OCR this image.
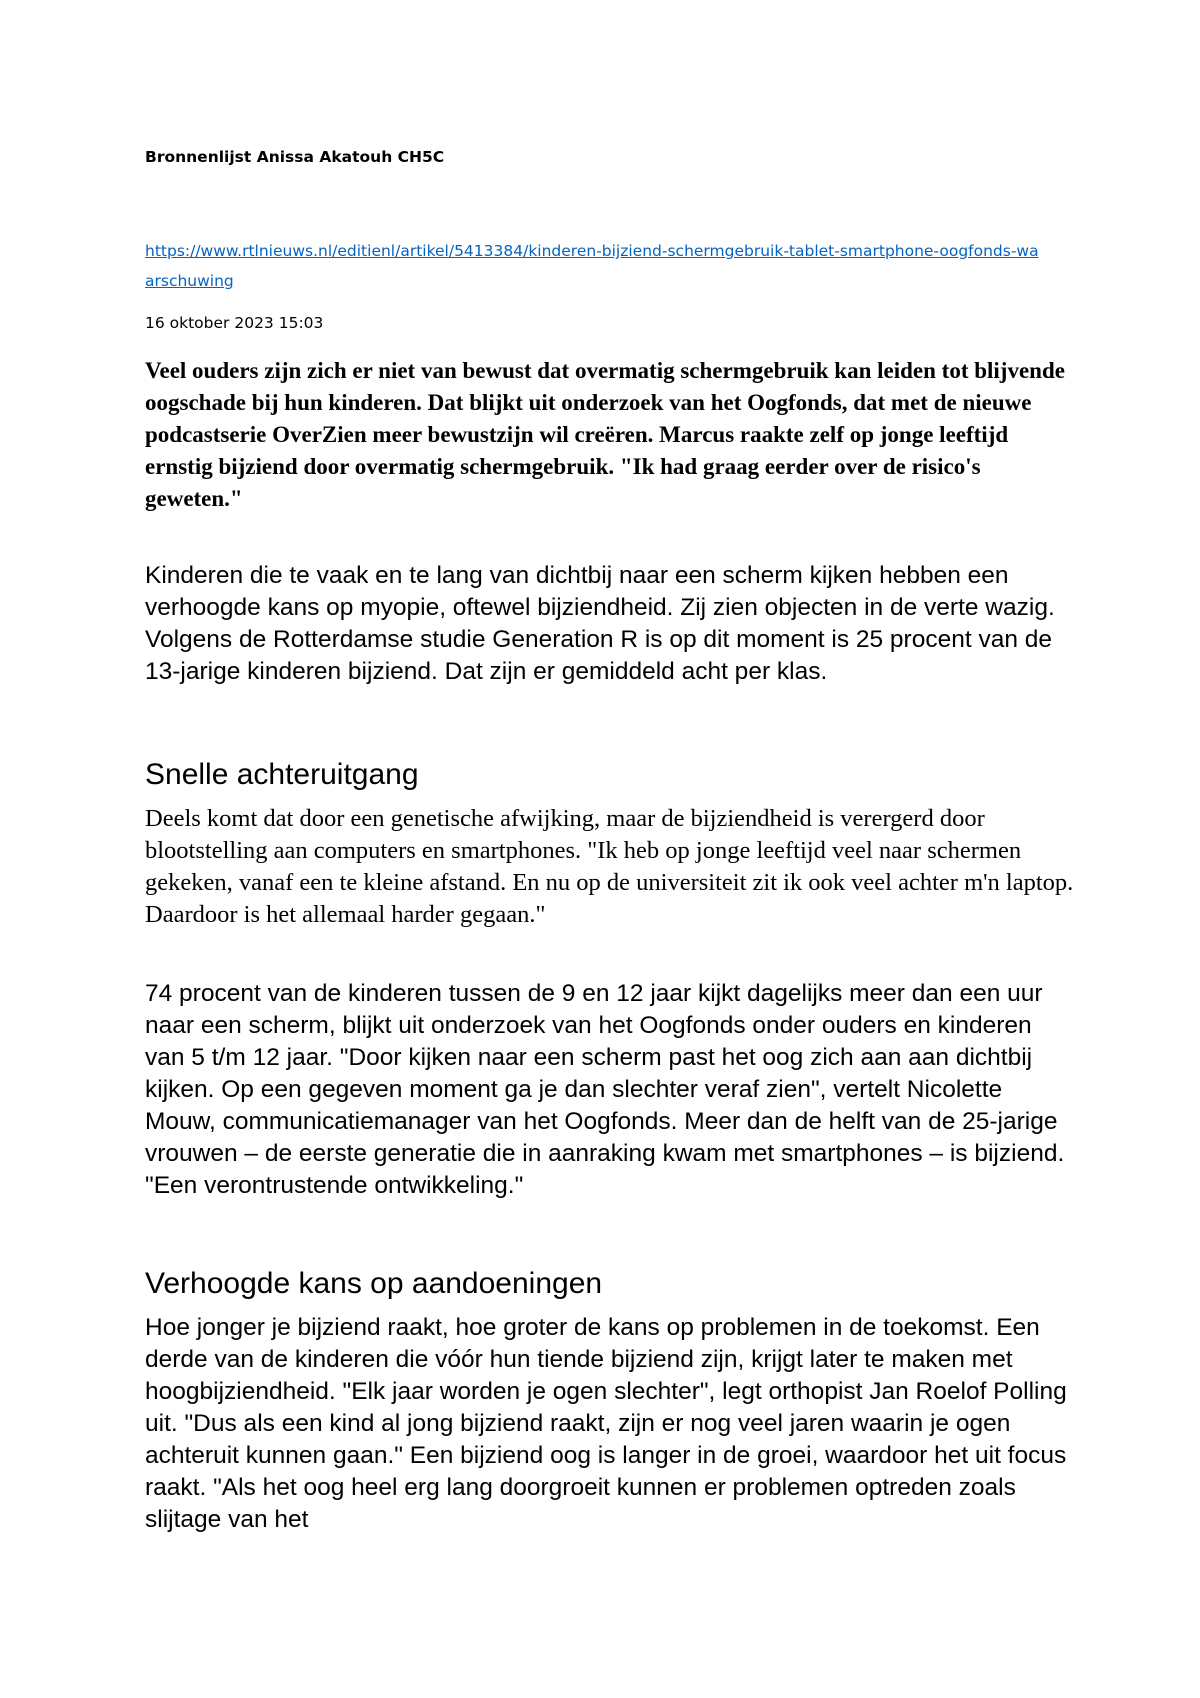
Bronnenlijst Anissa Akatouh CH5C
https://www.rtlnieuws.nl/editienl/artikel/5413384/kinderen-bijziend-schermgebruik-tablet-smartphone-oogfonds-waarschuwing
16 oktober 2023 15:03

Veel ouders zijn zich er niet van bewust dat overmatig schermgebruik kan leiden tot blijvende oogschade bij hun kinderen. Dat blijkt uit onderzoek van het Oogfonds, dat met de nieuwe podcastserie OverZien meer bewustzijn wil creëren. Marcus raakte zelf op jonge leeftijd ernstig bijziend door overmatig schermgebruik. "Ik had graag eerder over de risico's geweten."

Kinderen die te vaak en te lang van dichtbij naar een scherm kijken hebben een verhoogde kans op myopie, oftewel bijziendheid. Zij zien objecten in de verte wazig. Volgens de Rotterdamse studie Generation R is op dit moment is 25 procent van de 13-jarige kinderen bijziend. Dat zijn er gemiddeld acht per klas.

Snelle achteruitgang

Deels komt dat door een genetische afwijking, maar de bijziendheid is verergerd door blootstelling aan computers en smartphones. "Ik heb op jonge leeftijd veel naar schermen gekeken, vanaf een te kleine afstand. En nu op de universiteit zit ik ook veel achter m'n laptop. Daardoor is het allemaal harder gegaan."

74 procent van de kinderen tussen de 9 en 12 jaar kijkt dagelijks meer dan een uur naar een scherm, blijkt uit onderzoek van het Oogfonds onder ouders en kinderen van 5 t/m 12 jaar. "Door kijken naar een scherm past het oog zich aan aan dichtbij kijken. Op een gegeven moment ga je dan slechter veraf zien", vertelt Nicolette Mouw, communicatiemanager van het Oogfonds. Meer dan de helft van de 25-jarige vrouwen – de eerste generatie die in aanraking kwam met smartphones – is bijziend. "Een verontrustende ontwikkeling."

Verhoogde kans op aandoeningen

Hoe jonger je bijziend raakt, hoe groter de kans op problemen in de toekomst. Een derde van de kinderen die vóór hun tiende bijziend zijn, krijgt later te maken met hoogbijziendheid. "Elk jaar worden je ogen slechter", legt orthopist Jan Roelof Polling uit. "Dus als een kind al jong bijziend raakt, zijn er nog veel jaren waarin je ogen achteruit kunnen gaan." Een bijziend oog is langer in de groei, waardoor het uit focus raakt. "Als het oog heel erg lang doorgroeit kunnen er problemen optreden zoals slijtage van het
